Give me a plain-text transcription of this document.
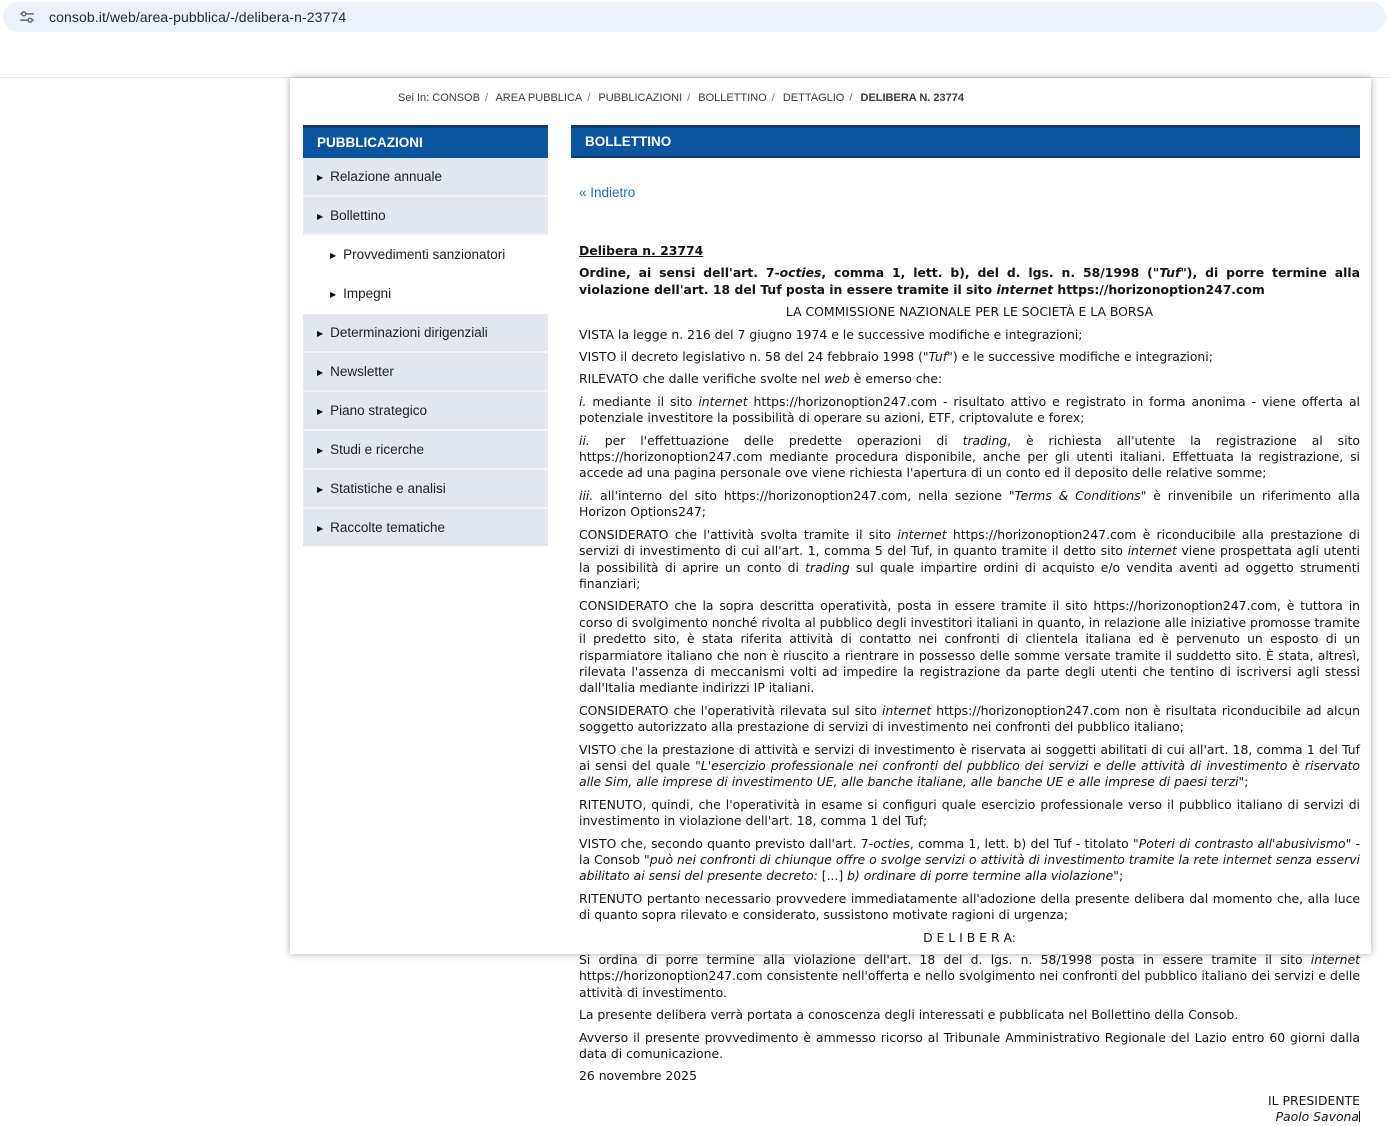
consob.it/web/area-pubblica/-/delibera-n-23774
Sei In: CONSOB / AREA PUBBLICA / PUBBLICAZIONI / BOLLETTINO / DETTAGLIO / DELIBERA N. 23774
PUBBLICAZIONI
▶ Relazione annuale
▶ Bollettino
▶ Provvedimenti sanzionatori
▶ Impegni
▶ Determinazioni dirigenziali
▶ Newsletter
▶ Piano strategico
▶ Studi e ricerche
▶ Statistiche e analisi
▶ Raccolte tematiche
BOLLETTINO
« Indietro

Delibera n. 23774

Ordine, ai sensi dell'art. 7-octies, comma 1, lett. b), del d. lgs. n. 58/1998 ("Tuf"), di porre termine alla violazione dell'art. 18 del Tuf posta in essere tramite il sito internet https://horizonoption247.com

LA COMMISSIONE NAZIONALE PER LE SOCIETÀ E LA BORSA

VISTA la legge n. 216 del 7 giugno 1974 e le successive modifiche e integrazioni;

VISTO il decreto legislativo n. 58 del 24 febbraio 1998 ("Tuf") e le successive modifiche e integrazioni;

RILEVATO che dalle verifiche svolte nel web è emerso che:

i. mediante il sito internet https://horizonoption247.com - risultato attivo e registrato in forma anonima - viene offerta al potenziale investitore la possibilità di operare su azioni, ETF, criptovalute e forex;

ii. per l'effettuazione delle predette operazioni di trading, è richiesta all'utente la registrazione al sito https://horizonoption247.com mediante procedura disponibile, anche per gli utenti italiani. Effettuata la registrazione, si accede ad una pagina personale ove viene richiesta l'apertura di un conto ed il deposito delle relative somme;

iii. all'interno del sito https://horizonoption247.com, nella sezione "Terms & Conditions" è rinvenibile un riferimento alla Horizon Options247;

CONSIDERATO che l'attività svolta tramite il sito internet https://horizonoption247.com è riconducibile alla prestazione di servizi di investimento di cui all'art. 1, comma 5 del Tuf, in quanto tramite il detto sito internet viene prospettata agli utenti la possibilità di aprire un conto di trading sul quale impartire ordini di acquisto e/o vendita aventi ad oggetto strumenti finanziari;

CONSIDERATO che la sopra descritta operatività, posta in essere tramite il sito https://horizonoption247.com, è tuttora in corso di svolgimento nonché rivolta al pubblico degli investitori italiani in quanto, in relazione alle iniziative promosse tramite il predetto sito, è stata riferita attività di contatto nei confronti di clientela italiana ed è pervenuto un esposto di un risparmiatore italiano che non è riuscito a rientrare in possesso delle somme versate tramite il suddetto sito. È stata, altresì, rilevata l'assenza di meccanismi volti ad impedire la registrazione da parte degli utenti che tentino di iscriversi agli stessi dall'Italia mediante indirizzi IP italiani.

CONSIDERATO che l'operatività rilevata sul sito internet https://horizonoption247.com non è risultata riconducibile ad alcun soggetto autorizzato alla prestazione di servizi di investimento nei confronti del pubblico italiano;

VISTO che la prestazione di attività e servizi di investimento è riservata ai soggetti abilitati di cui all'art. 18, comma 1 del Tuf ai sensi del quale "L'esercizio professionale nei confronti del pubblico dei servizi e delle attività di investimento è riservato alle Sim, alle imprese di investimento UE, alle banche italiane, alle banche UE e alle imprese di paesi terzi";

RITENUTO, quindi, che l'operatività in esame si configuri quale esercizio professionale verso il pubblico italiano di servizi di investimento in violazione dell'art. 18, comma 1 del Tuf;

VISTO che, secondo quanto previsto dall'art. 7-octies, comma 1, lett. b) del Tuf - titolato "Poteri di contrasto all'abusivismo" - la Consob "può nei confronti di chiunque offre o svolge servizi o attività di investimento tramite la rete internet senza esservi abilitato ai sensi del presente decreto: [...] b) ordinare di porre termine alla violazione";

RITENUTO pertanto necessario provvedere immediatamente all'adozione della presente delibera dal momento che, alla luce di quanto sopra rilevato e considerato, sussistono motivate ragioni di urgenza;

D E L I B E R A:

Si ordina di porre termine alla violazione dell'art. 18 del d. lgs. n. 58/1998 posta in essere tramite il sito internet https://horizonoption247.com consistente nell'offerta e nello svolgimento nei confronti del pubblico italiano dei servizi e delle attività di investimento.

La presente delibera verrà portata a conoscenza degli interessati e pubblicata nel Bollettino della Consob.

Avverso il presente provvedimento è ammesso ricorso al Tribunale Amministrativo Regionale del Lazio entro 60 giorni dalla data di comunicazione.

26 novembre 2025

IL PRESIDENTE

Paolo Savona
